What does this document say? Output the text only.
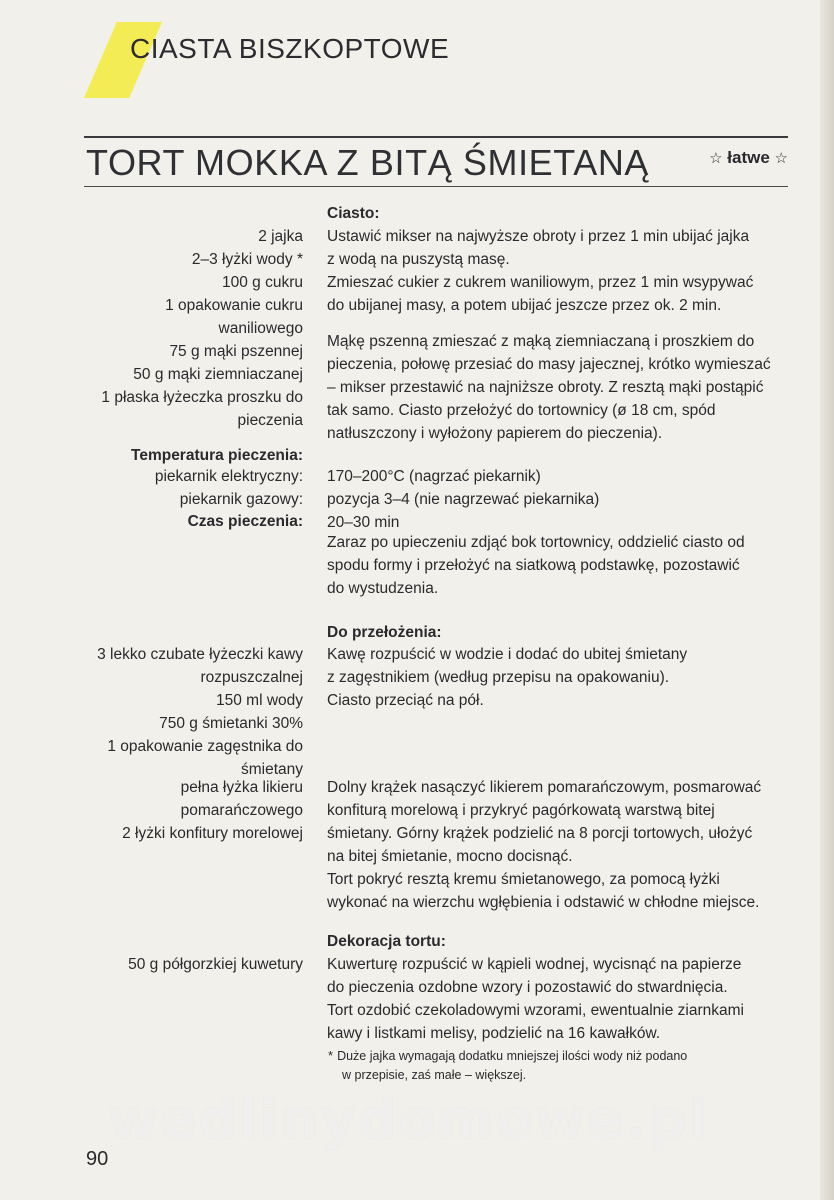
CIASTA BISZKOPTOWE
TORT MOKKA Z BITĄ ŚMIETANĄ	☆ łatwe ☆
2 jajka
2–3 łyżki wody *
100 g cukru
1 opakowanie cukru
waniliowego
75 g mąki pszennej
50 g mąki ziemniaczanej
1 płaska łyżeczka proszku do
pieczenia
Temperatura pieczenia:
piekarnik elektryczny:
piekarnik gazowy:
Czas pieczenia:
3 lekko czubate łyżeczki kawy
rozpuszczalnej
150 ml wody
750 g śmietanki 30%
1 opakowanie zagęstnika do
śmietany
pełna łyżka likieru
pomarańczowego
2 łyżki konfitury morelowej
50 g półgorzkiej kuwetury
Ciasto:
Ustawić mikser na najwyższe obroty i przez 1 min ubijać jajka
z wodą na puszystą masę.
Zmieszać cukier z cukrem waniliowym, przez 1 min wsypywać
do ubijanej masy, a potem ubijać jeszcze przez ok. 2 min.
Mąkę pszenną zmieszać z mąką ziemniaczaną i proszkiem do
pieczenia, połowę przesiać do masy jajecznej, krótko wymieszać
– mikser przestawić na najniższe obroty. Z resztą mąki postąpić
tak samo. Ciasto przełożyć do tortownicy (ø 18 cm, spód
natłuszczony i wyłożony papierem do pieczenia).
170–200°C (nagrzać piekarnik)
pozycja 3–4 (nie nagrzewać piekarnika)
20–30 min
Zaraz po upieczeniu zdjąć bok tortownicy, oddzielić ciasto od
spodu formy i przełożyć na siatkową podstawkę, pozostawić
do wystudzenia.
Do przełożenia:
Kawę rozpuścić w wodzie i dodać do ubitej śmietany
z zagęstnikiem (według przepisu na opakowaniu).
Ciasto przeciąć na pół.
Dolny krążek nasączyć likierem pomarańczowym, posmarować
konfiturą morelową i przykryć pagórkowatą warstwą bitej
śmietany. Górny krążek podzielić na 8 porcji tortowych, ułożyć
na bitej śmietanie, mocno docisnąć.
Tort pokryć resztą kremu śmietanowego, za pomocą łyżki
wykonać na wierzchu wgłębienia i odstawić w chłodne miejsce.
Dekoracja tortu:
Kuwerturę rozpuścić w kąpieli wodnej, wycisnąć na papierze
do pieczenia ozdobne wzory i pozostawić do stwardnięcia.
Tort ozdobić czekoladowymi wzorami, ewentualnie ziarnkami
kawy i listkami melisy, podzielić na 16 kawałków.
* Duże jajka wymagają dodatku mniejszej ilości wody niż podano
w przepisie, zaś małe – większej.
wedlinydomowe.pl
90
